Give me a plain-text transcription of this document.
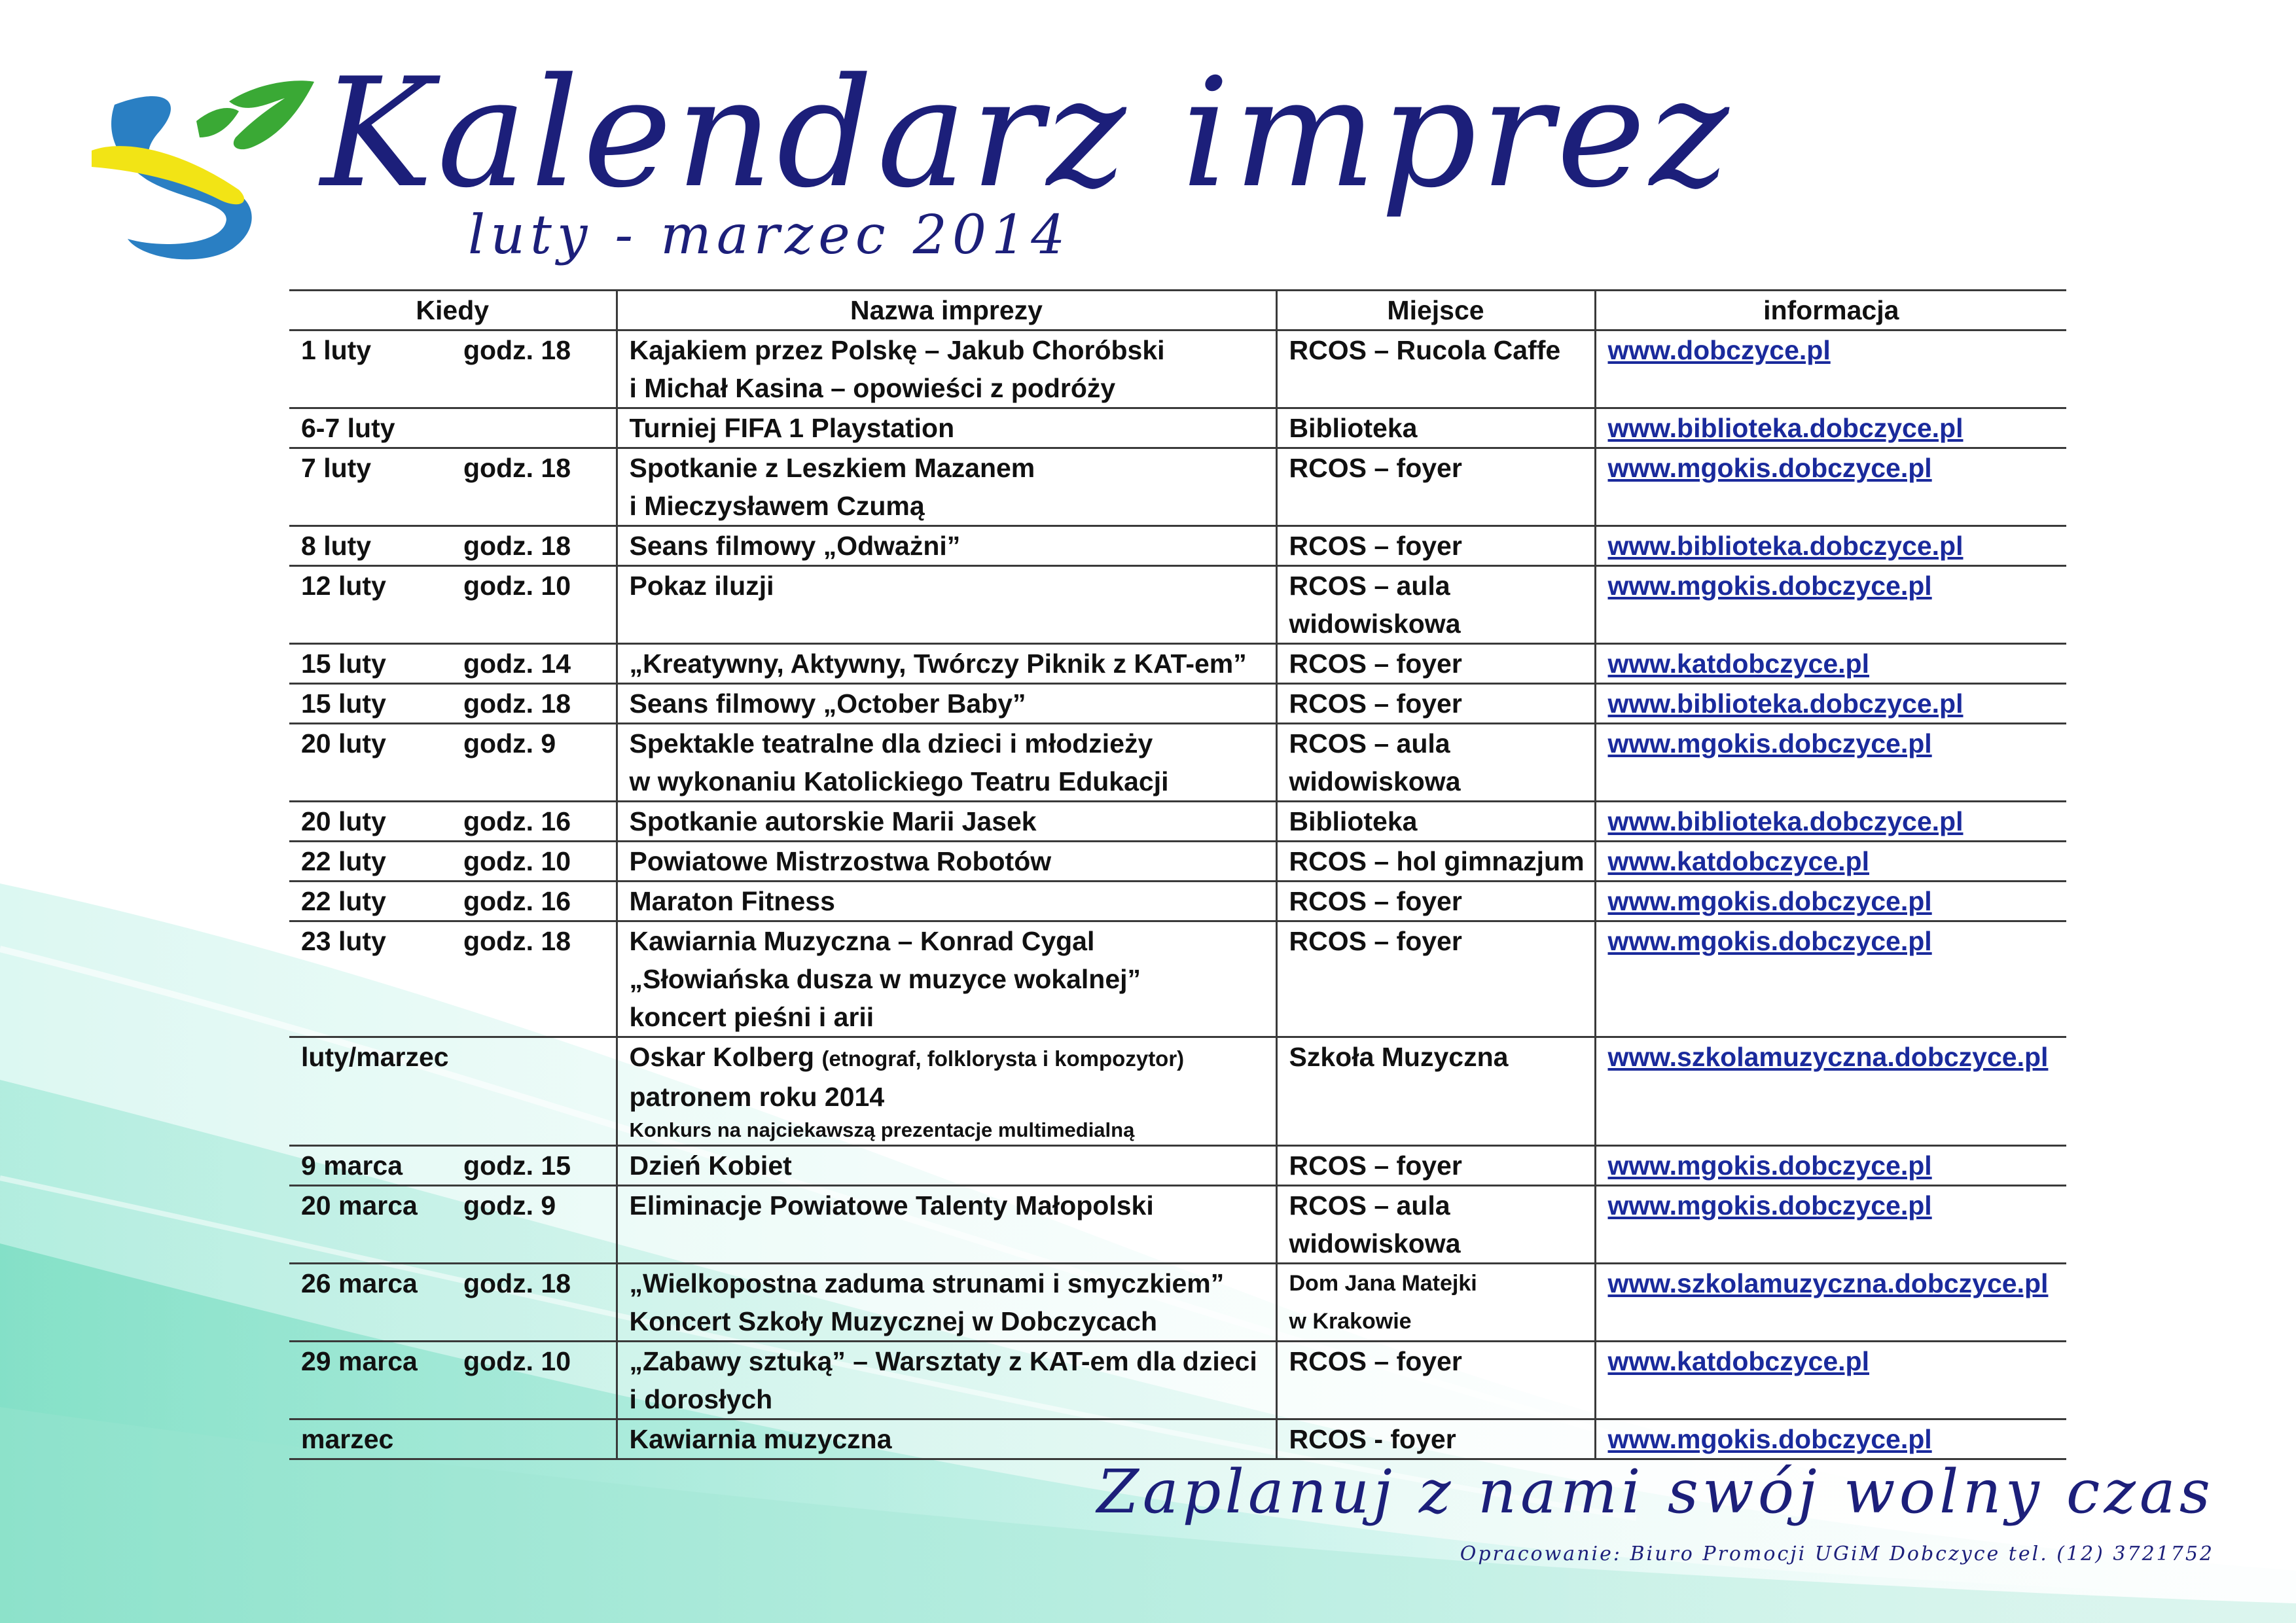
Kalendarz imprez
luty - marzec 2014
Kiedy	Nazwa imprezy	Miejsce	informacja

1 luty godz. 18	Kajakiem przez Polskę – Jakub Choróbski
i Michał Kasina – opowieści z podróży	RCOS – Rucola Caffe	www.dobczyce.pl

6-7 luty	Turniej FIFA 1 Playstation	Biblioteka	www.biblioteka.dobczyce.pl

7 luty godz. 18	Spotkanie z Leszkiem Mazanem
i Mieczysławem Czumą	RCOS – foyer	www.mgokis.dobczyce.pl

8 luty godz. 18	Seans filmowy „Odważni”	RCOS – foyer	www.biblioteka.dobczyce.pl

12 luty godz. 10	Pokaz iluzji	RCOS – aula
widowiskowa	www.mgokis.dobczyce.pl

15 luty godz. 14	„Kreatywny, Aktywny, Twórczy Piknik z KAT-em”	RCOS – foyer	www.katdobczyce.pl

15 luty godz. 18	Seans filmowy „October Baby”	RCOS – foyer	www.biblioteka.dobczyce.pl

20 luty godz. 9	Spektakle teatralne dla dzieci i młodzieży
w wykonaniu Katolickiego Teatru Edukacji	RCOS – aula
widowiskowa	www.mgokis.dobczyce.pl

20 luty godz. 16	Spotkanie autorskie Marii Jasek	Biblioteka	www.biblioteka.dobczyce.pl

22 luty godz. 10	Powiatowe Mistrzostwa Robotów	RCOS – hol gimnazjum	www.katdobczyce.pl

22 luty godz. 16	Maraton Fitness	RCOS – foyer	www.mgokis.dobczyce.pl

23 luty godz. 18	Kawiarnia Muzyczna – Konrad Cygal
„Słowiańska dusza w muzyce wokalnej”
koncert pieśni i arii	RCOS – foyer	www.mgokis.dobczyce.pl

luty/marzec	Oskar Kolberg (etnograf, folklorysta i kompozytor)
patronem roku 2014
Konkurs na najciekawszą prezentacje multimedialną	Szkoła Muzyczna	www.szkolamuzyczna.dobczyce.pl

9 marca godz. 15	Dzień Kobiet	RCOS – foyer	www.mgokis.dobczyce.pl

20 marca godz. 9	Eliminacje Powiatowe Talenty Małopolski	RCOS – aula
widowiskowa	www.mgokis.dobczyce.pl

26 marca godz. 18	„Wielkopostna zaduma strunami i smyczkiem”
Koncert Szkoły Muzycznej w Dobczycach	Dom Jana Matejki
w Krakowie	www.szkolamuzyczna.dobczyce.pl

29 marca godz. 10	„Zabawy sztuką” – Warsztaty z KAT-em dla dzieci
i dorosłych	RCOS – foyer	www.katdobczyce.pl

marzec	Kawiarnia muzyczna	RCOS - foyer	www.mgokis.dobczyce.pl
Zaplanuj z nami swój wolny czas
Opracowanie: Biuro Promocji UGiM Dobczyce tel. (12) 3721752
